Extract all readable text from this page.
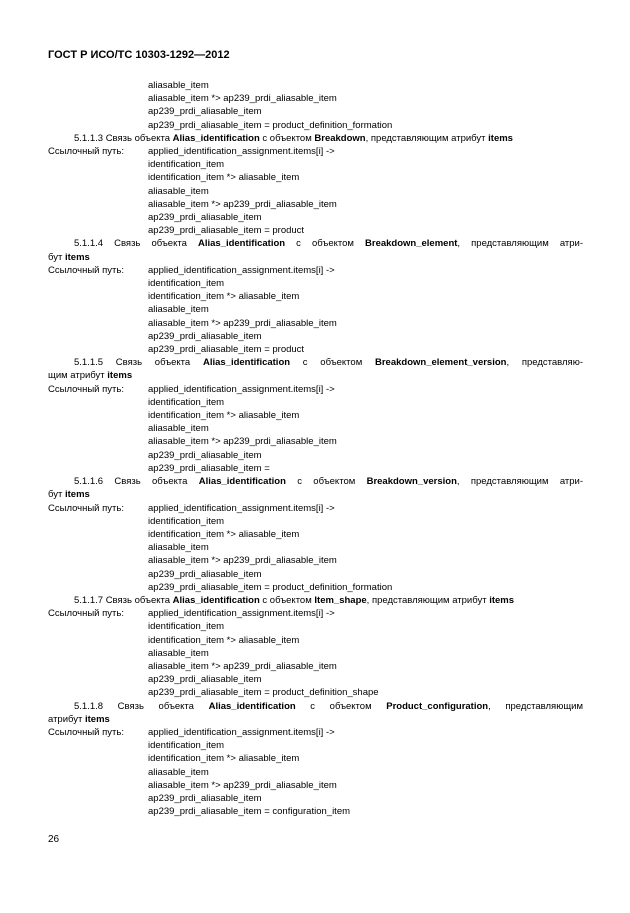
ГОСТ Р ИСО/ТС 10303-1292—2012
aliasable_item
aliasable_item *> ap239_prdi_aliasable_item
ap239_prdi_aliasable_item
ap239_prdi_aliasable_item = product_definition_formation
5.1.1.3 Связь объекта Alias_identification с объектом Breakdown, представляющим атрибут items
Ссылочный путь:	applied_identification_assignment.items[i] ->
identification_item
identification_item *> aliasable_item
aliasable_item
aliasable_item *> ap239_prdi_aliasable_item
ap239_prdi_aliasable_item
ap239_prdi_aliasable_item = product
5.1.1.4 Связь объекта Alias_identification с объектом Breakdown_element, представляющим атри-
бут items
Ссылочный путь:	applied_identification_assignment.items[i] ->
identification_item
identification_item *> aliasable_item
aliasable_item
aliasable_item *> ap239_prdi_aliasable_item
ap239_prdi_aliasable_item
ap239_prdi_aliasable_item = product
5.1.1.5 Связь объекта Alias_identification с объектом Breakdown_element_version, представляю-
щим атрибут items
Ссылочный путь:	applied_identification_assignment.items[i] ->
identification_item
identification_item *> aliasable_item
aliasable_item
aliasable_item *> ap239_prdi_aliasable_item
ap239_prdi_aliasable_item
ap239_prdi_aliasable_item =
5.1.1.6 Связь объекта Alias_identification с объектом Breakdown_version, представляющим атри-
бут items
Ссылочный путь:	applied_identification_assignment.items[i] ->
identification_item
identification_item *> aliasable_item
aliasable_item
aliasable_item *> ap239_prdi_aliasable_item
ap239_prdi_aliasable_item
ap239_prdi_aliasable_item = product_definition_formation
5.1.1.7 Связь объекта Alias_identification с объектом Item_shape, представляющим атрибут items
Ссылочный путь:	applied_identification_assignment.items[i] ->
identification_item
identification_item *> aliasable_item
aliasable_item
aliasable_item *> ap239_prdi_aliasable_item
ap239_prdi_aliasable_item
ap239_prdi_aliasable_item = product_definition_shape
5.1.1.8 Связь объекта Alias_identification с объектом Product_configuration, представляющим
атрибут items
Ссылочный путь:	applied_identification_assignment.items[i] ->
identification_item
identification_item *> aliasable_item
aliasable_item
aliasable_item *> ap239_prdi_aliasable_item
ap239_prdi_aliasable_item
ap239_prdi_aliasable_item = configuration_item
26
